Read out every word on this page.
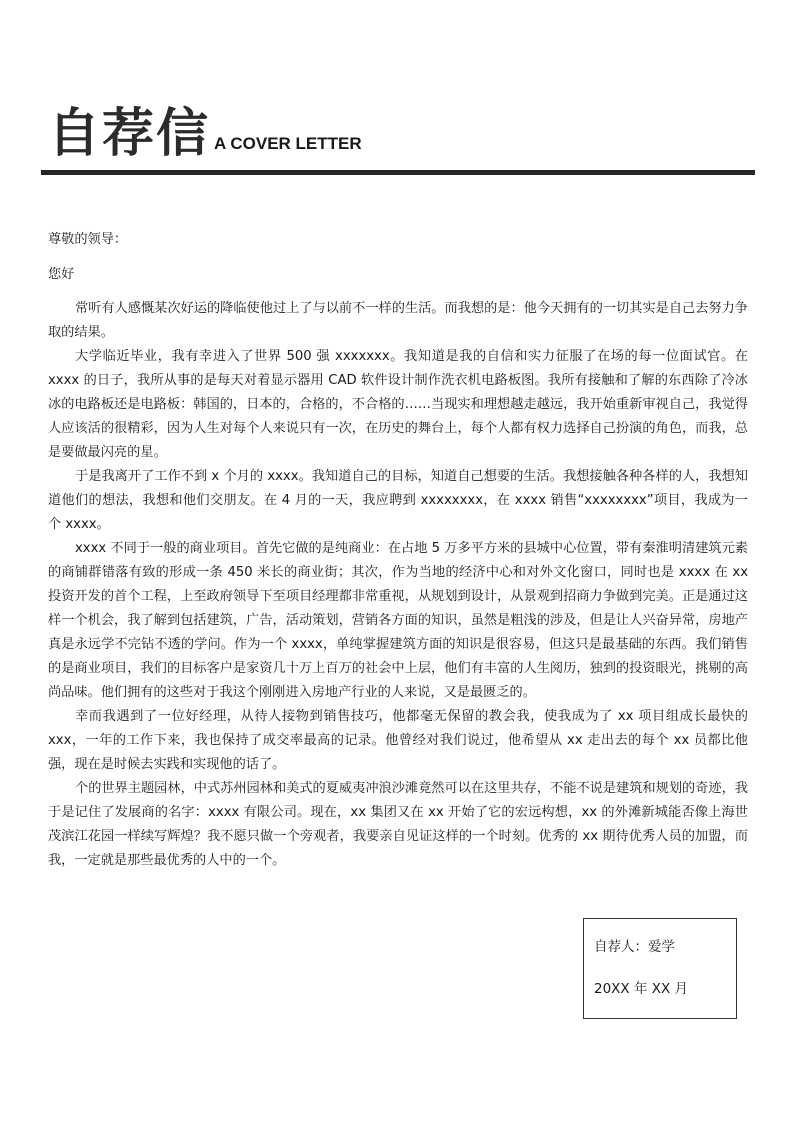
自荐信 A COVER LETTER

尊敬的领导：

您好

常听有人感慨某次好运的降临使他过上了与以前不一样的生活。而我想的是：他今天拥有的一切其实是自己去努力争取的结果。

大学临近毕业，我有幸进入了世界 500 强 xxxxxxx。我知道是我的自信和实力征服了在场的每一位面试官。在 xxxx 的日子，我所从事的是每天对着显示器用 CAD 软件设计制作洗衣机电路板图。我所有接触和了解的东西除了冷冰冰的电路板还是电路板：韩国的，日本的，合格的，不合格的……当现实和理想越走越远，我开始重新审视自己，我觉得人应该活的很精彩，因为人生对每个人来说只有一次，在历史的舞台上，每个人都有权力选择自己扮演的角色，而我，总是要做最闪亮的星。

于是我离开了工作不到 x 个月的 xxxx。我知道自己的目标，知道自己想要的生活。我想接触各种各样的人，我想知道他们的想法，我想和他们交朋友。在 4 月的一天，我应聘到 xxxxxxxx，在 xxxx 销售“xxxxxxxx”项目，我成为一个 xxxx。

xxxx 不同于一般的商业项目。首先它做的是纯商业：在占地 5 万多平方米的县城中心位置，带有秦淮明清建筑元素的商铺群错落有致的形成一条 450 米长的商业街；其次，作为当地的经济中心和对外文化窗口，同时也是 xxxx 在 xx 投资开发的首个工程，上至政府领导下至项目经理都非常重视，从规划到设计，从景观到招商力争做到完美。正是通过这样一个机会，我了解到包括建筑，广告，活动策划，营销各方面的知识，虽然是粗浅的涉及，但是让人兴奋异常，房地产真是永远学不完钻不透的学问。作为一个 xxxx，单纯掌握建筑方面的知识是很容易，但这只是最基础的东西。我们销售的是商业项目，我们的目标客户是家资几十万上百万的社会中上层，他们有丰富的人生阅历，独到的投资眼光，挑剔的高尚品味。他们拥有的这些对于我这个刚刚进入房地产行业的人来说，又是最匮乏的。

幸而我遇到了一位好经理，从待人接物到销售技巧，他都毫无保留的教会我，使我成为了 xx 项目组成长最快的 xxx，一年的工作下来，我也保持了成交率最高的记录。他曾经对我们说过，他希望从 xx 走出去的每个 xx 员都比他强，现在是时候去实践和实现他的话了。

个的世界主题园林，中式苏州园林和美式的夏威夷冲浪沙滩竟然可以在这里共存，不能不说是建筑和规划的奇迹，我于是记住了发展商的名字：xxxx 有限公司。现在，xx 集团又在 xx 开始了它的宏远构想，xx 的外滩新城能否像上海世茂滨江花园一样续写辉煌？我不愿只做一个旁观者，我要亲自见证这样的一个时刻。优秀的 xx 期待优秀人员的加盟，而我，一定就是那些最优秀的人中的一个。

自荐人：爱学
20XX 年 XX 月
